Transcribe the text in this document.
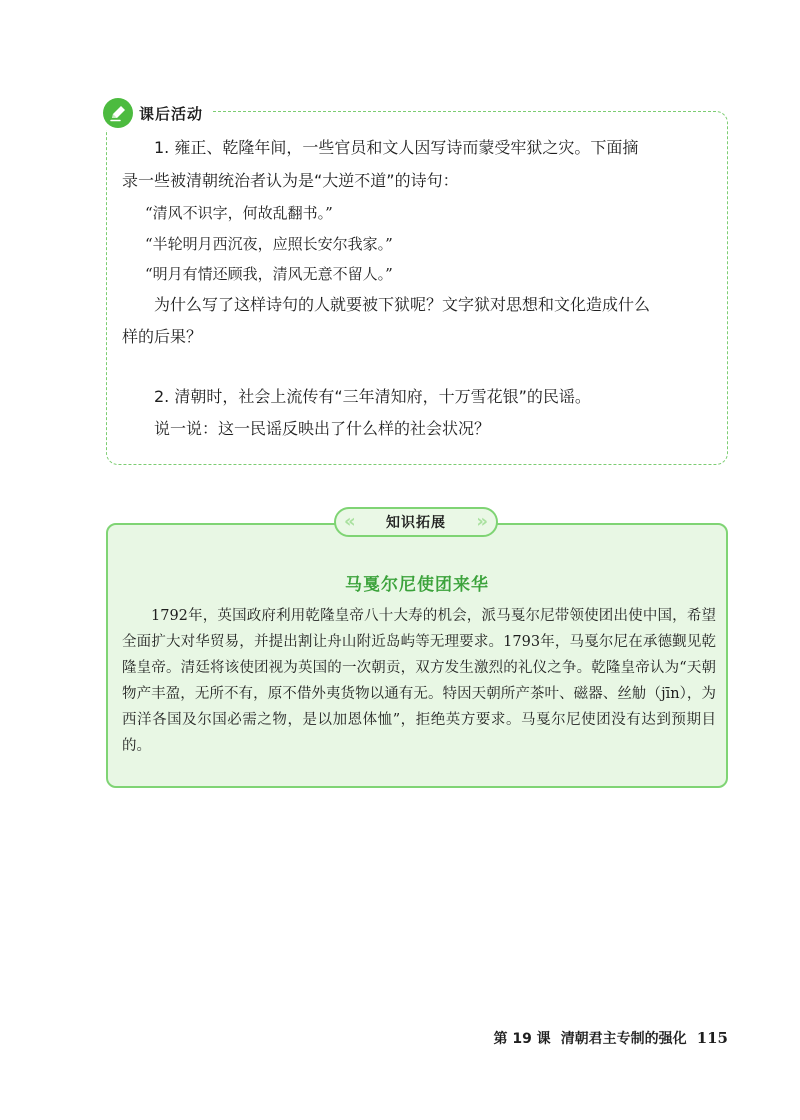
课后活动
1. 雍正、乾隆年间，一些官员和文人因写诗而蒙受牢狱之灾。下面摘
录一些被清朝统治者认为是“大逆不道”的诗句：
“清风不识字，何故乱翻书。”
“半轮明月西沉夜，应照长安尔我家。”
“明月有情还顾我，清风无意不留人。”
为什么写了这样诗句的人就要被下狱呢？文字狱对思想和文化造成什么
样的后果？
2. 清朝时，社会上流传有“三年清知府，十万雪花银”的民谣。
说一说：这一民谣反映出了什么样的社会状况？
« 知识拓展 »
马戛尔尼使团来华
1792年，英国政府利用乾隆皇帝八十大寿的机会，派马戛尔尼带领使团出使中国，希望全面扩大对华贸易，并提出割让舟山附近岛屿等无理要求。1793年，马戛尔尼在承德觐见乾隆皇帝。清廷将该使团视为英国的一次朝贡，双方发生激烈的礼仪之争。乾隆皇帝认为“天朝物产丰盈，无所不有，原不借外夷货物以通有无。特因天朝所产茶叶、磁器、丝觔（jīn），为西洋各国及尔国必需之物，是以加恩体恤”，拒绝英方要求。马戛尔尼使团没有达到预期目的。
第 19 课 清朝君主专制的强化 115
